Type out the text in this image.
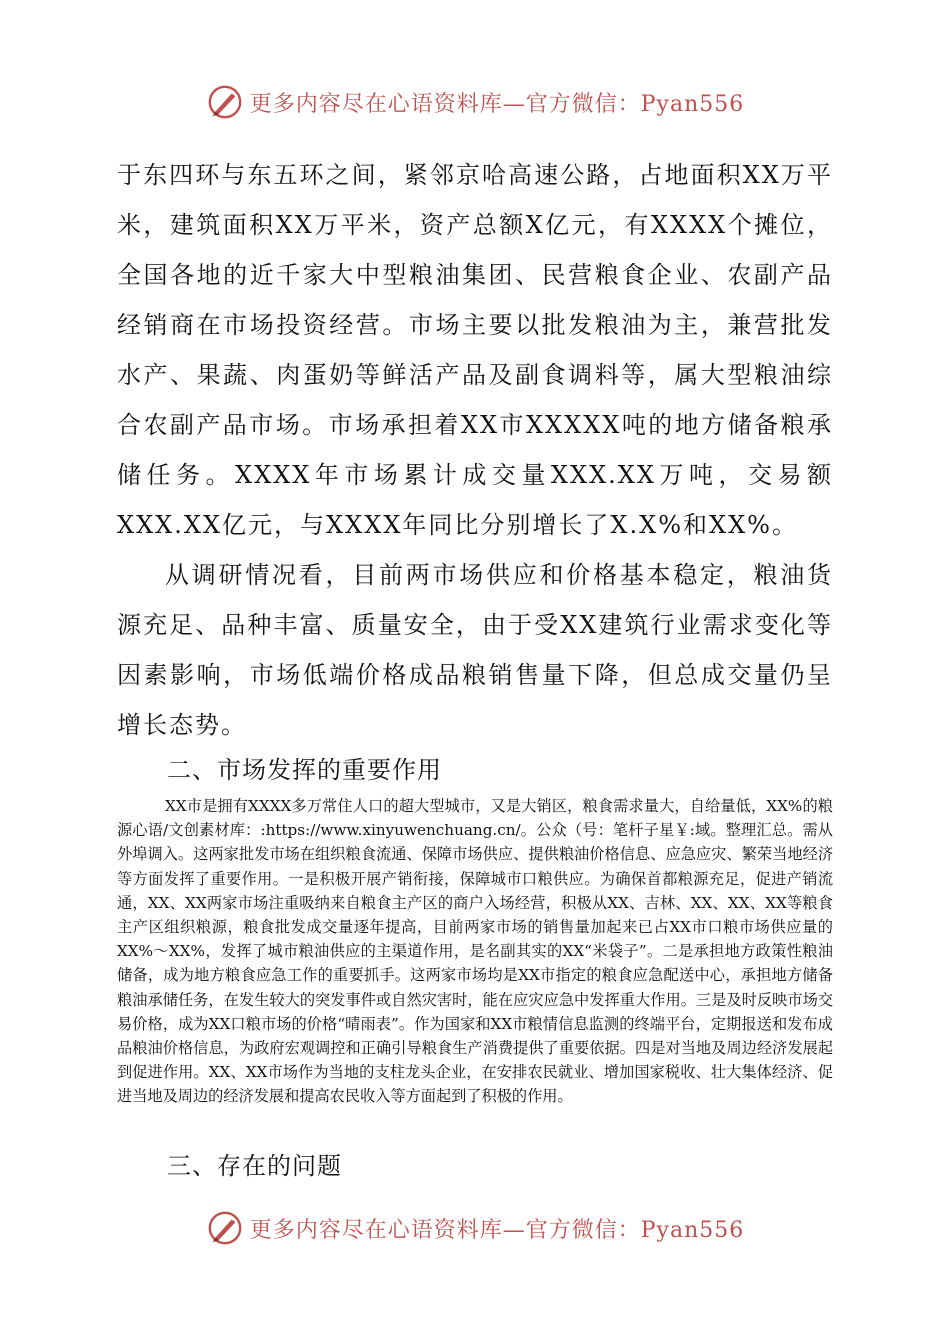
更多内容尽在心语资料库—官方微信：Pyan556

于东四环与东五环之间，紧邻京哈高速公路，占地面积XX万平米，建筑面积XX万平米，资产总额X亿元，有XXXX个摊位，全国各地的近千家大中型粮油集团、民营粮食企业、农副产品经销商在市场投资经营。市场主要以批发粮油为主，兼营批发水产、果蔬、肉蛋奶等鲜活产品及副食调料等，属大型粮油综合农副产品市场。市场承担着XX市XXXXX吨的地方储备粮承储任务。XXXX年市场累计成交量XXX.XX万吨，交易额XXX.XX亿元，与XXXX年同比分别增长了X.X%和XX%。

从调研情况看，目前两市场供应和价格基本稳定，粮油货源充足、品种丰富、质量安全，由于受XX建筑行业需求变化等因素影响，市场低端价格成品粮销售量下降，但总成交量仍呈增长态势。

二、市场发挥的重要作用

XX市是拥有XXXX多万常住人口的超大型城市，又是大销区，粮食需求量大，自给量低，XX%的粮源心语/文创素材库：:https://www.xinyuwenchuang.cn/。公众（号：笔杆子星￥:域。整理汇总。需从外埠调入。这两家批发市场在组织粮食流通、保障市场供应、提供粮油价格信息、应急应灾、繁荣当地经济等方面发挥了重要作用。一是积极开展产销衔接，保障城市口粮供应。为确保首都粮源充足，促进产销流通，XX、XX两家市场注重吸纳来自粮食主产区的商户入场经营，积极从XX、吉林、XX、XX、XX等粮食主产区组织粮源，粮食批发成交量逐年提高，目前两家市场的销售量加起来已占XX市口粮市场供应量的XX%～XX%，发挥了城市粮油供应的主渠道作用，是名副其实的XX“米袋子”。二是承担地方政策性粮油储备，成为地方粮食应急工作的重要抓手。这两家市场均是XX市指定的粮食应急配送中心，承担地方储备粮油承储任务，在发生较大的突发事件或自然灾害时，能在应灾应急中发挥重大作用。三是及时反映市场交易价格，成为XX口粮市场的价格“晴雨表”。作为国家和XX市粮情信息监测的终端平台，定期报送和发布成品粮油价格信息，为政府宏观调控和正确引导粮食生产消费提供了重要依据。四是对当地及周边经济发展起到促进作用。XX、XX市场作为当地的支柱龙头企业，在安排农民就业、增加国家税收、壮大集体经济、促进当地及周边的经济发展和提高农民收入等方面起到了积极的作用。

三、存在的问题
更多内容尽在心语资料库—官方微信：Pyan556
